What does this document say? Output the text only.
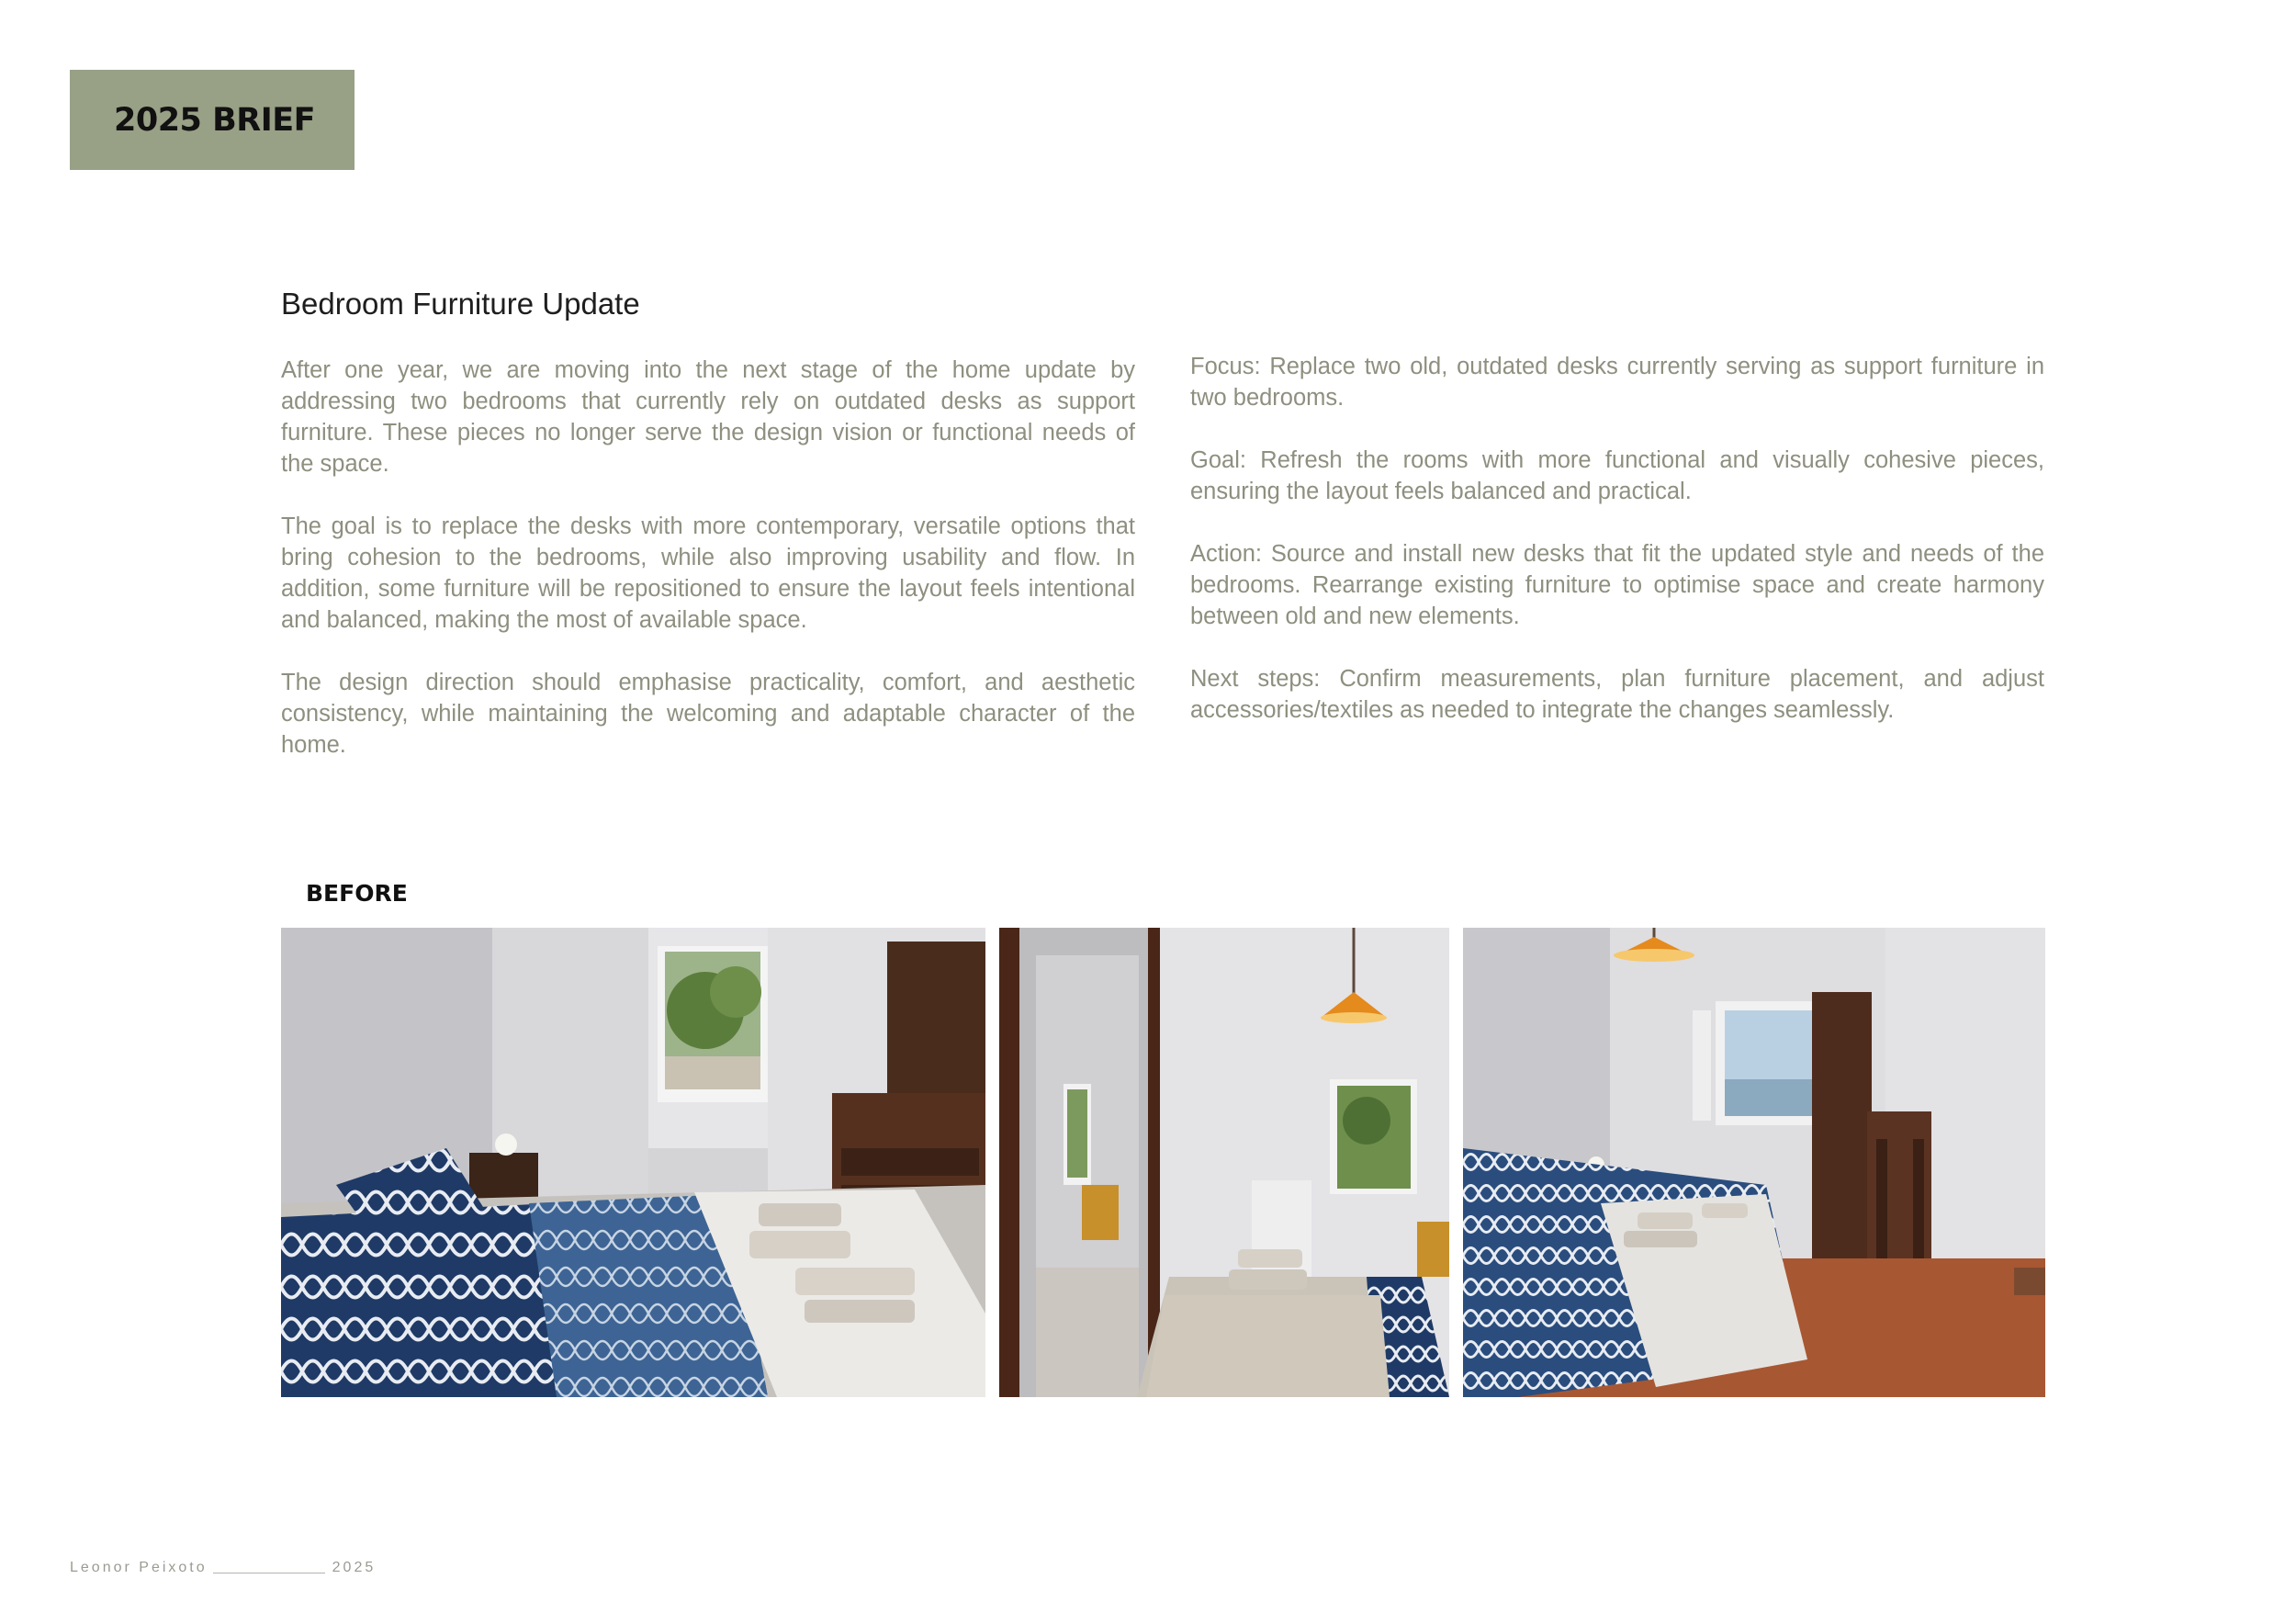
2025 BRIEF
Bedroom Furniture Update

After one year, we are moving into the next stage of the home update by addressing two bedrooms that currently rely on outdated desks as support furniture. These pieces no longer serve the design vision or functional needs of the space.

The goal is to replace the desks with more contemporary, versatile options that bring cohesion to the bedrooms, while also improving usability and flow. In addition, some furniture will be repositioned to ensure the layout feels intentional and balanced, making the most of available space.

The design direction should emphasise practicality, comfort, and aesthetic consistency, while maintaining the welcoming and adaptable character of the home.

Focus: Replace two old, outdated desks currently serving as support furniture in two bedrooms.

Goal: Refresh the rooms with more functional and visually cohesive pieces, ensuring the layout feels balanced and practical.

Action: Source and install new desks that fit the updated style and needs of the bedrooms. Rearrange existing furniture to optimise space and create harmony between old and new elements.

Next steps: Confirm measurements, plan furniture placement, and adjust accessories/textiles as needed to integrate the changes seamlessly.

BEFORE
Leonor Peixoto	2025
